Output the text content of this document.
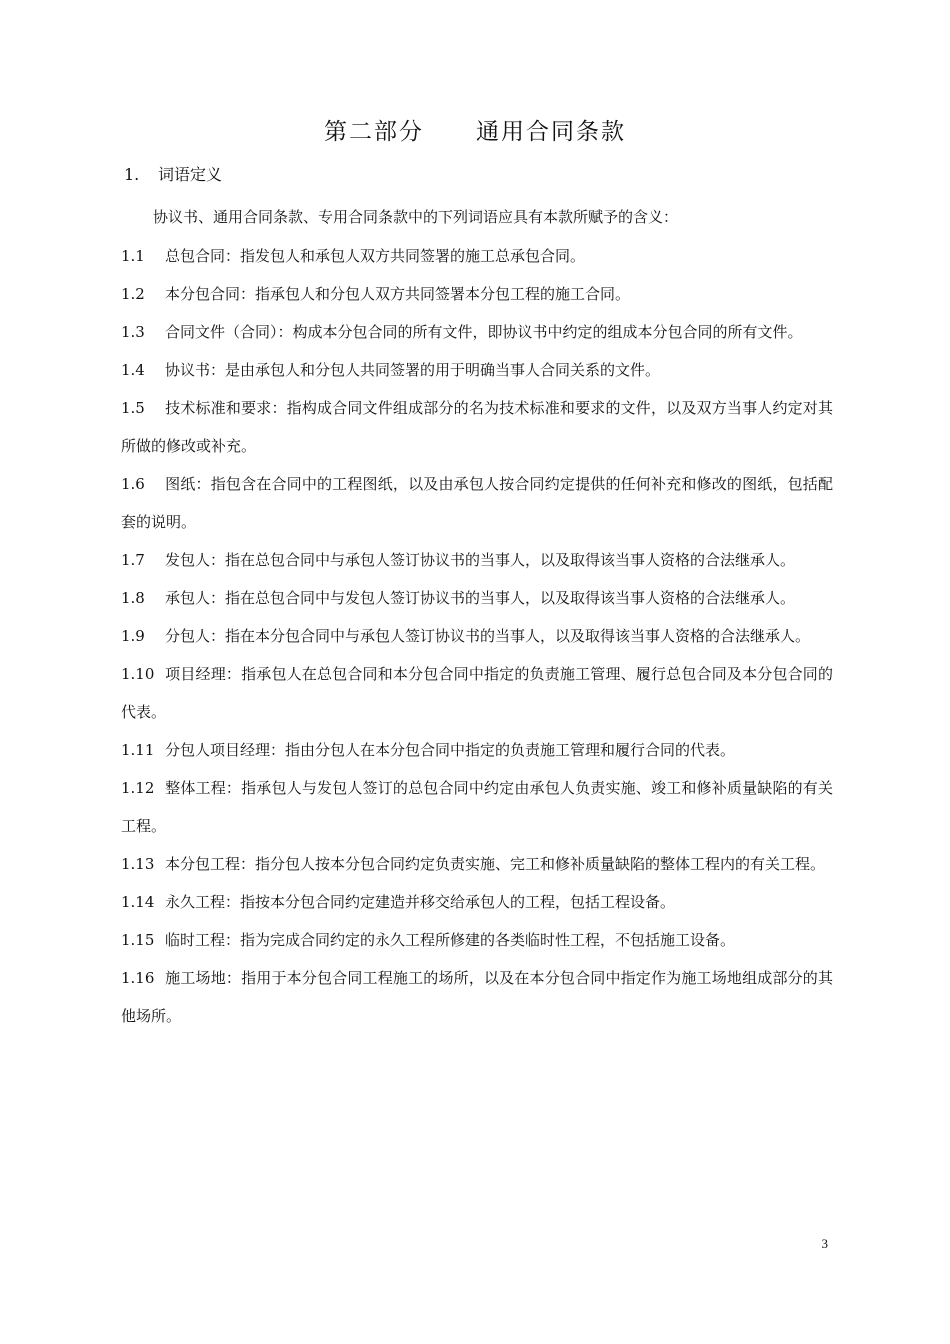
第二部分 通用合同条款
1. 词语定义
协议书、通用合同条款、专用合同条款中的下列词语应具有本款所赋予的含义：

1.1 总包合同：指发包人和承包人双方共同签署的施工总承包合同。

1.2 本分包合同：指承包人和分包人双方共同签署本分包工程的施工合同。

1.3 合同文件（合同）：构成本分包合同的所有文件，即协议书中约定的组成本分包合同的所有文件。

1.4 协议书：是由承包人和分包人共同签署的用于明确当事人合同关系的文件。

1.5 技术标准和要求：指构成合同文件组成部分的名为技术标准和要求的文件，以及双方当事人约定对其所做的修改或补充。

1.6 图纸：指包含在合同中的工程图纸，以及由承包人按合同约定提供的任何补充和修改的图纸，包括配套的说明。

1.7 发包人：指在总包合同中与承包人签订协议书的当事人，以及取得该当事人资格的合法继承人。

1.8 承包人：指在总包合同中与发包人签订协议书的当事人，以及取得该当事人资格的合法继承人。

1.9 分包人：指在本分包合同中与承包人签订协议书的当事人，以及取得该当事人资格的合法继承人。

1.10 项目经理：指承包人在总包合同和本分包合同中指定的负责施工管理、履行总包合同及本分包合同的代表。

1.11 分包人项目经理：指由分包人在本分包合同中指定的负责施工管理和履行合同的代表。

1.12 整体工程：指承包人与发包人签订的总包合同中约定由承包人负责实施、竣工和修补质量缺陷的有关工程。

1.13 本分包工程：指分包人按本分包合同约定负责实施、完工和修补质量缺陷的整体工程内的有关工程。

1.14 永久工程：指按本分包合同约定建造并移交给承包人的工程，包括工程设备。

1.15 临时工程：指为完成合同约定的永久工程所修建的各类临时性工程，不包括施工设备。

1.16 施工场地：指用于本分包合同工程施工的场所，以及在本分包合同中指定作为施工场地组成部分的其他场所。

3
